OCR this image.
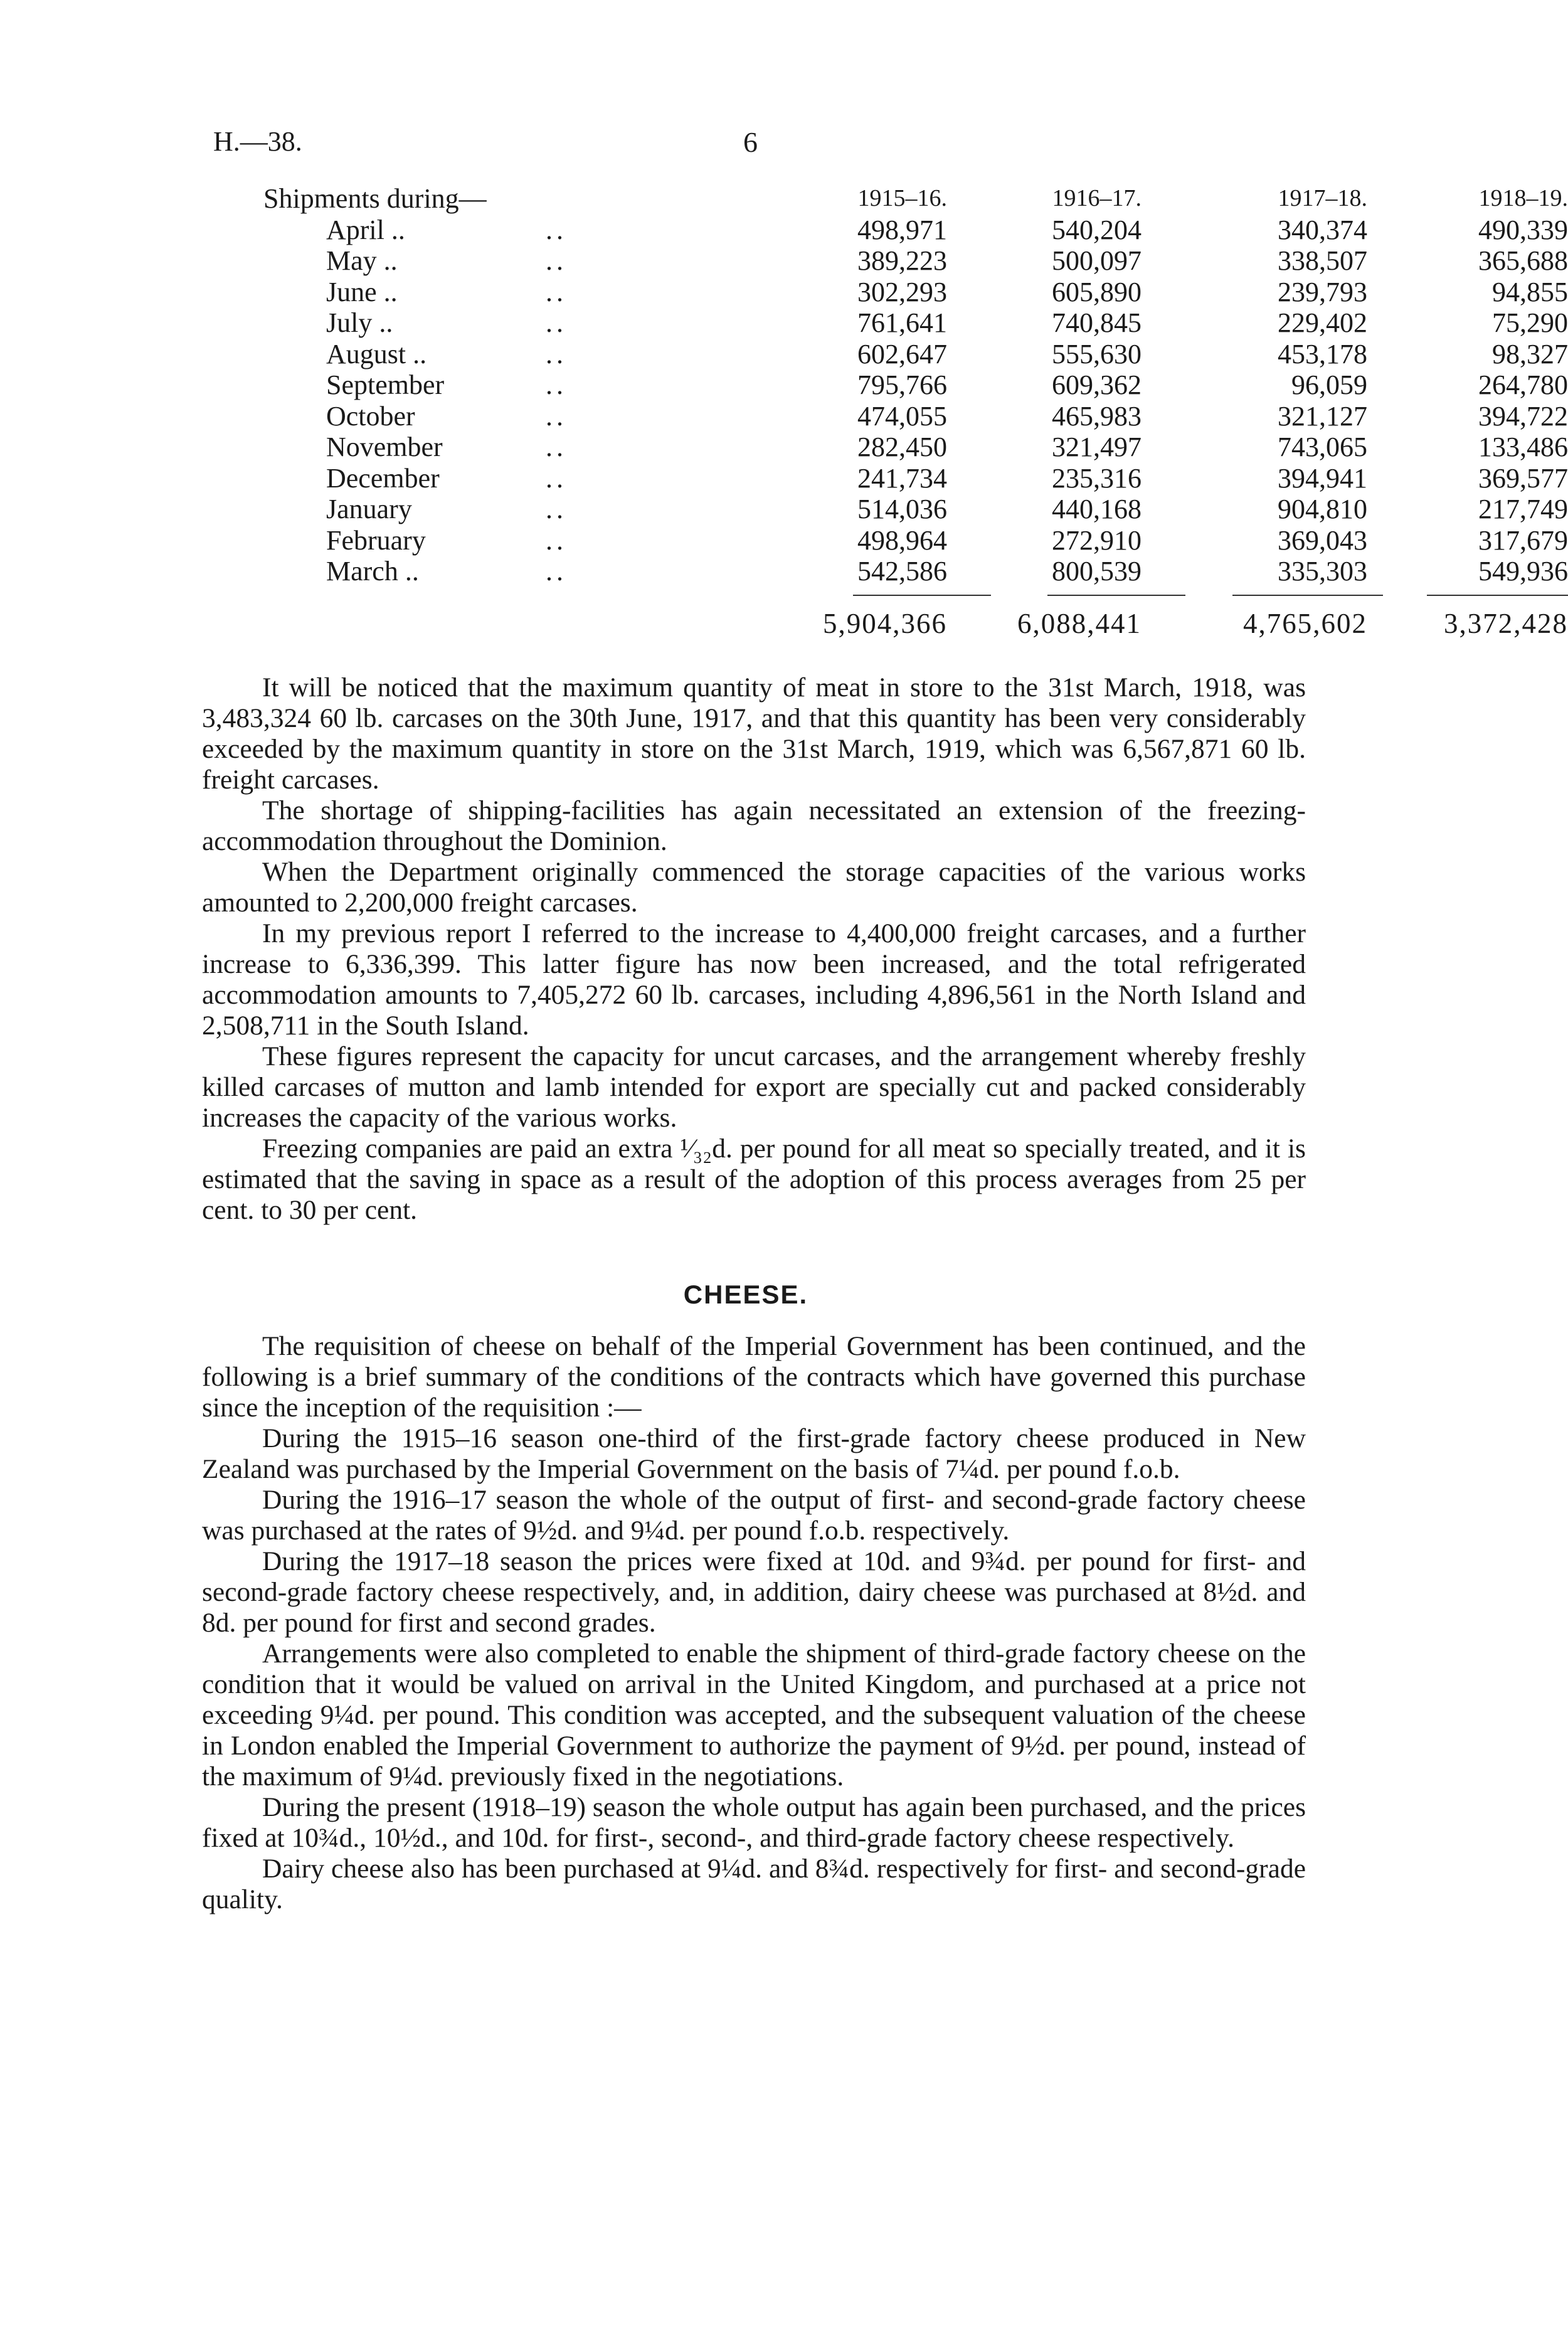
H.—38.	6
Shipments during—	1915–16.	1916–17.	1917–18.	1918–19.
April ..	..	498,971	540,204	340,374	490,339
May ..	..	389,223	500,097	338,507	365,688
June ..	..	302,293	605,890	239,793	94,855
July ..	..	761,641	740,845	229,402	75,290
August ..	..	602,647	555,630	453,178	98,327
September	..	795,766	609,362	96,059	264,780
October	..	474,055	465,983	321,127	394,722
November	..	282,450	321,497	743,065	133,486
December	..	241,734	235,316	394,941	369,577
January	..	514,036	440,168	904,810	217,749
February	..	498,964	272,910	369,043	317,679
March ..	..	542,586	800,539	335,303	549,936
5,904,366	6,088,441	4,765,602	3,372,428

It will be noticed that the maximum quantity of meat in store to the 31st March, 1918, was 3,483,324 60 lb. carcases on the 30th June, 1917, and that this quantity has been very considerably exceeded by the maximum quantity in store on the 31st March, 1919, which was 6,567,871 60 lb. freight carcases.

The shortage of shipping-facilities has again necessitated an extension of the freezing-accommodation throughout the Dominion.

When the Department originally commenced the storage capacities of the various works amounted to 2,200,000 freight carcases.

In my previous report I referred to the increase to 4,400,000 freight carcases, and a further increase to 6,336,399. This latter figure has now been increased, and the total refrigerated accommodation amounts to 7,405,272 60 lb. carcases, including 4,896,561 in the North Island and 2,508,711 in the South Island.

These figures represent the capacity for uncut carcases, and the arrangement whereby freshly killed carcases of mutton and lamb intended for export are specially cut and packed considerably increases the capacity of the various works.

Freezing companies are paid an extra ¹⁄₃₂d. per pound for all meat so specially treated, and it is estimated that the saving in space as a result of the adoption of this process averages from 25 per cent. to 30 per cent.

CHEESE.

The requisition of cheese on behalf of the Imperial Government has been continued, and the following is a brief summary of the conditions of the contracts which have governed this purchase since the inception of the requisition :—

During the 1915–16 season one-third of the first-grade factory cheese produced in New Zealand was purchased by the Imperial Government on the basis of 7¼d. per pound f.o.b.

During the 1916–17 season the whole of the output of first- and second-grade factory cheese was purchased at the rates of 9½d. and 9¼d. per pound f.o.b. respectively.

During the 1917–18 season the prices were fixed at 10d. and 9¾d. per pound for first- and second-grade factory cheese respectively, and, in addition, dairy cheese was purchased at 8½d. and 8d. per pound for first and second grades.

Arrangements were also completed to enable the shipment of third-grade factory cheese on the condition that it would be valued on arrival in the United Kingdom, and purchased at a price not exceeding 9¼d. per pound. This condition was accepted, and the subsequent valuation of the cheese in London enabled the Imperial Government to authorize the payment of 9½d. per pound, instead of the maximum of 9¼d. previously fixed in the negotiations.

During the present (1918–19) season the whole output has again been purchased, and the prices fixed at 10¾d., 10½d., and 10d. for first-, second-, and third-grade factory cheese respectively.

Dairy cheese also has been purchased at 9¼d. and 8¾d. respectively for first- and second-grade quality.
